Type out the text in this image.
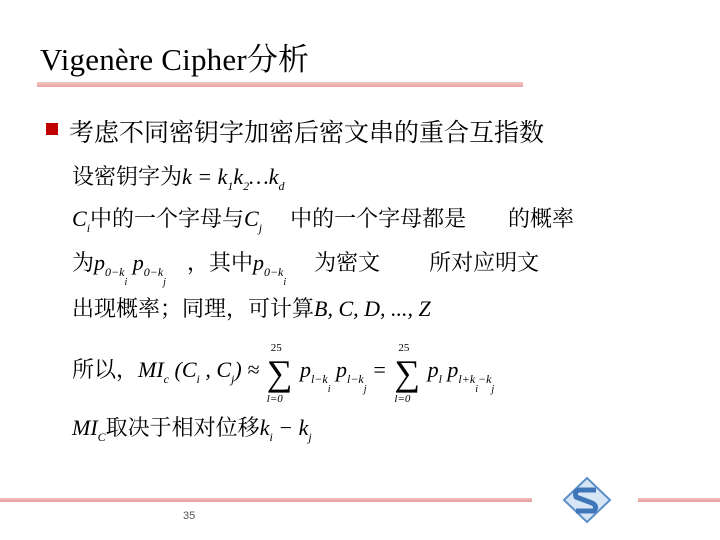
Vigenère Cipher分析
考虑不同密钥字加密后密文串的重合互指数
设密钥字为$k = k_1k_2\dots k_d$
$C_i$中的一个字母与$C_j$ 中的一个字母都是 的概率
为$p_{0-k_i}$ $p_{0-k_j}$   ，其中$p_{0-k_i}$    为密文 所对应明文
出现概率；同理，可计算B, C, D, ..., Z
所以，$MI_c$ ($C_i$ , $C_j$) ≈ ∑
25
l=0
$p_{l-k_i}$ $p_{l-k_j}$ = ∑
25
l=0
$p_l$ $p_{l+k_i-k_j}$
$MI_C$取决于相对位移$k_i - k_j$
35
